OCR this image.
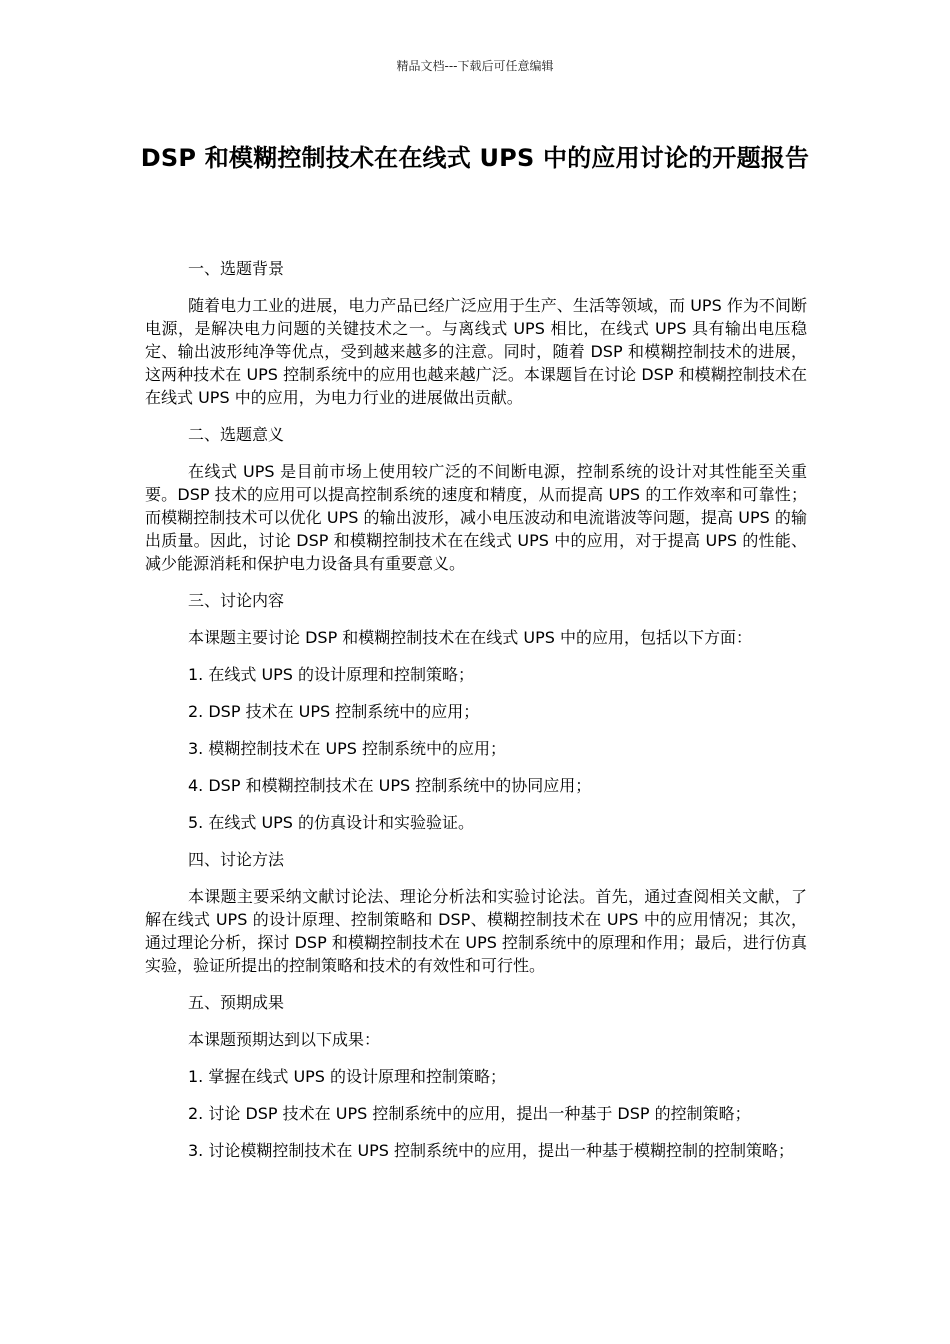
精品文档---下载后可任意编辑
DSP 和模糊控制技术在在线式 UPS 中的应用讨论的开题报告

一、选题背景

随着电力工业的进展，电力产品已经广泛应用于生产、生活等领域，而 UPS 作为不间断电源，是解决电力问题的关键技术之一。与离线式 UPS 相比，在线式 UPS 具有输出电压稳定、输出波形纯净等优点，受到越来越多的注意。同时，随着 DSP 和模糊控制技术的进展，这两种技术在 UPS 控制系统中的应用也越来越广泛。本课题旨在讨论 DSP 和模糊控制技术在在线式 UPS 中的应用，为电力行业的进展做出贡献。

二、选题意义

在线式 UPS 是目前市场上使用较广泛的不间断电源，控制系统的设计对其性能至关重要。DSP 技术的应用可以提高控制系统的速度和精度，从而提高 UPS 的工作效率和可靠性；而模糊控制技术可以优化 UPS 的输出波形，减小电压波动和电流谐波等问题，提高 UPS 的输出质量。因此，讨论 DSP 和模糊控制技术在在线式 UPS 中的应用，对于提高 UPS 的性能、减少能源消耗和保护电力设备具有重要意义。

三、讨论内容

本课题主要讨论 DSP 和模糊控制技术在在线式 UPS 中的应用，包括以下方面：

1. 在线式 UPS 的设计原理和控制策略；

2. DSP 技术在 UPS 控制系统中的应用；

3. 模糊控制技术在 UPS 控制系统中的应用；

4. DSP 和模糊控制技术在 UPS 控制系统中的协同应用；

5. 在线式 UPS 的仿真设计和实验验证。

四、讨论方法

本课题主要采纳文献讨论法、理论分析法和实验讨论法。首先，通过查阅相关文献，了解在线式 UPS 的设计原理、控制策略和 DSP、模糊控制技术在 UPS 中的应用情况；其次，通过理论分析，探讨 DSP 和模糊控制技术在 UPS 控制系统中的原理和作用；最后，进行仿真实验，验证所提出的控制策略和技术的有效性和可行性。

五、预期成果

本课题预期达到以下成果：

1. 掌握在线式 UPS 的设计原理和控制策略；

2. 讨论 DSP 技术在 UPS 控制系统中的应用，提出一种基于 DSP 的控制策略；

3. 讨论模糊控制技术在 UPS 控制系统中的应用，提出一种基于模糊控制的控制策略；
